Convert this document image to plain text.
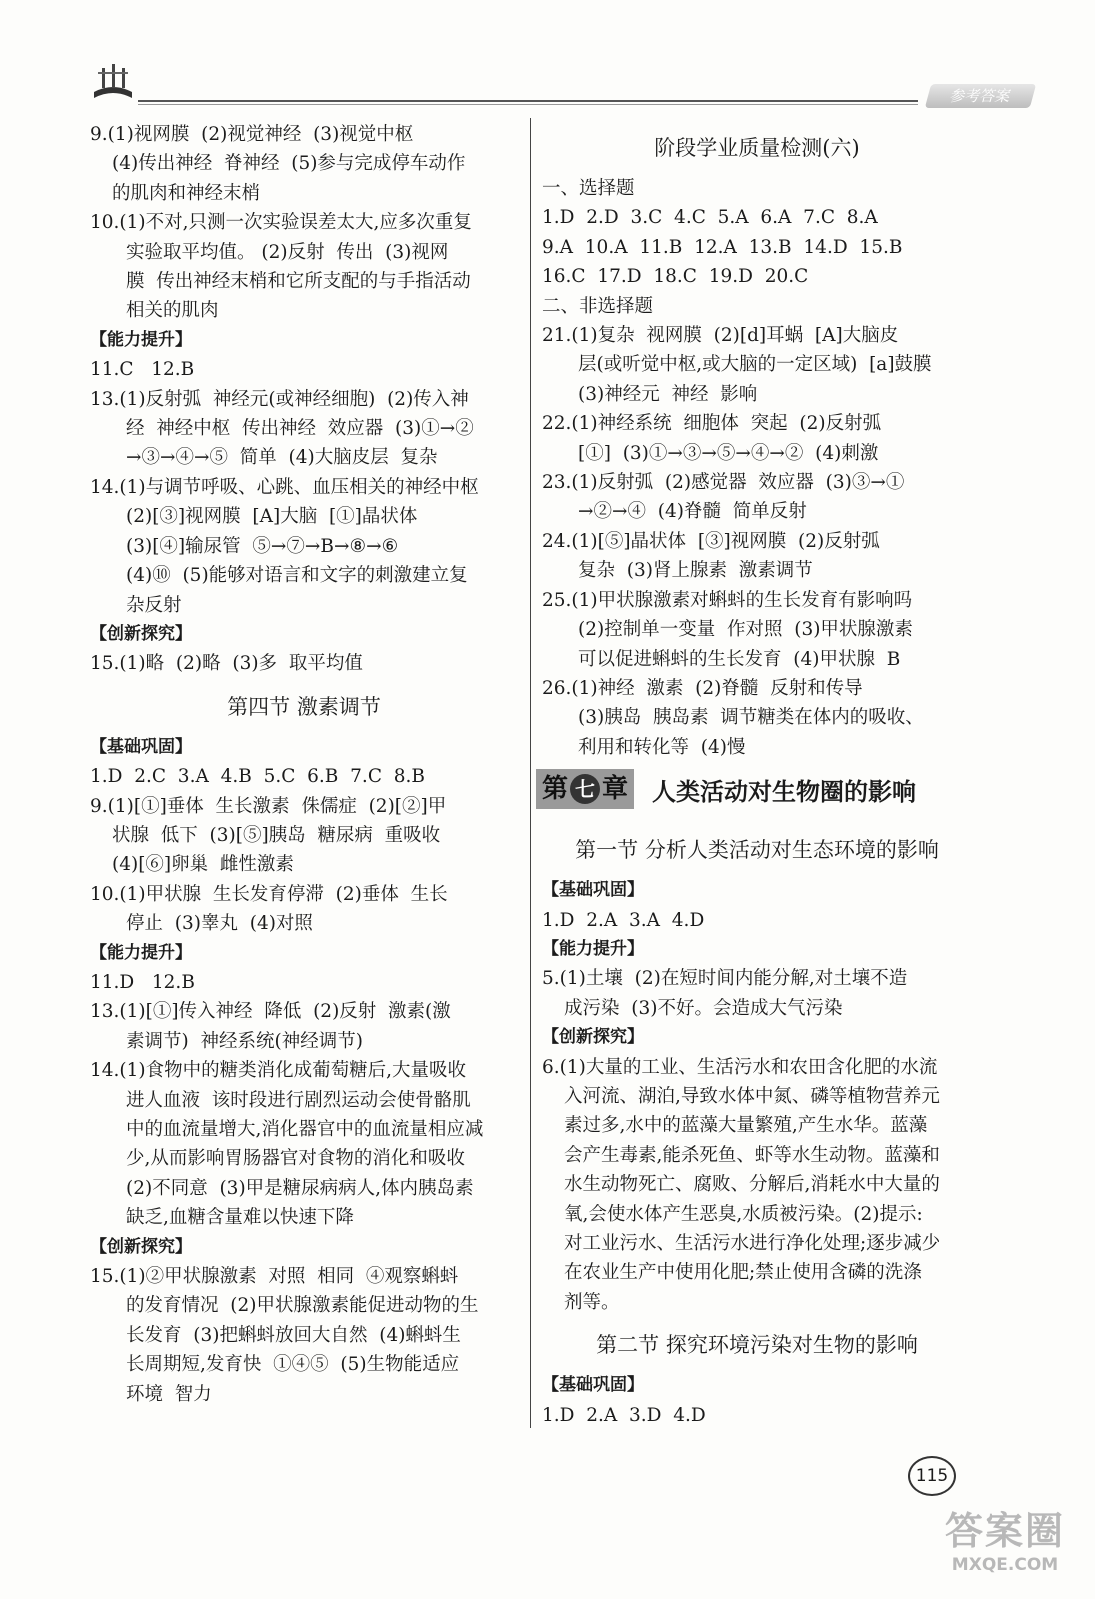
参考答案
9.(1)视网膜  (2)视觉神经  (3)视觉中枢
(4)传出神经  脊神经  (5)参与完成停车动作
的肌肉和神经末梢
10.(1)不对,只测一次实验误差太大,应多次重复
实验取平均值。 (2)反射  传出  (3)视网
膜  传出神经末梢和它所支配的与手指活动
相关的肌肉
【能力提升】
11.C   12.B
13.(1)反射弧  神经元(或神经细胞)  (2)传入神
经  神经中枢  传出神经  效应器  (3)①→②
→③→④→⑤  简单  (4)大脑皮层  复杂
14.(1)与调节呼吸、心跳、血压相关的神经中枢
(2)[③]视网膜  [A]大脑  [①]晶状体
(3)[④]输尿管  ⑤→⑦→B→⑧→⑥
(4)⑩  (5)能够对语言和文字的刺激建立复
杂反射
【创新探究】
15.(1)略  (2)略  (3)多  取平均值
第四节 激素调节
【基础巩固】
1.D  2.C  3.A  4.B  5.C  6.B  7.C  8.B
9.(1)[①]垂体  生长激素  侏儒症  (2)[②]甲
状腺  低下  (3)[⑤]胰岛  糖尿病  重吸收
(4)[⑥]卵巢  雌性激素
10.(1)甲状腺  生长发育停滞  (2)垂体  生长
停止  (3)睾丸  (4)对照
【能力提升】
11.D   12.B
13.(1)[①]传入神经  降低  (2)反射  激素(激
素调节)  神经系统(神经调节)
14.(1)食物中的糖类消化成葡萄糖后,大量吸收
进人血液  该时段进行剧烈运动会使骨骼肌
中的血流量增大,消化器官中的血流量相应减
少,从而影响胃肠器官对食物的消化和吸收
(2)不同意  (3)甲是糖尿病病人,体内胰岛素
缺乏,血糖含量难以快速下降
【创新探究】
15.(1)②甲状腺激素  对照  相同  ④观察蝌蚪
的发育情况  (2)甲状腺激素能促进动物的生
长发育  (3)把蝌蚪放回大自然  (4)蝌蚪生
长周期短,发育快  ①④⑤  (5)生物能适应
环境  智力
阶段学业质量检测(六)
一、选择题
1.D  2.D  3.C  4.C  5.A  6.A  7.C  8.A
9.A  10.A  11.B  12.A  13.B  14.D  15.B
16.C  17.D  18.C  19.D  20.C
二、非选择题
21.(1)复杂  视网膜  (2)[d]耳蜗  [A]大脑皮
层(或听觉中枢,或大脑的一定区域)  [a]鼓膜
(3)神经元  神经  影响
22.(1)神经系统  细胞体  突起  (2)反射弧
[①]  (3)①→③→⑤→④→②  (4)刺激
23.(1)反射弧  (2)感觉器  效应器  (3)③→①
→②→④  (4)脊髓  简单反射
24.(1)[⑤]晶状体  [③]视网膜  (2)反射弧
复杂  (3)肾上腺素  激素调节
25.(1)甲状腺激素对蝌蚪的生长发育有影响吗
(2)控制单一变量  作对照  (3)甲状腺激素
可以促进蝌蚪的生长发育  (4)甲状腺  B
26.(1)神经  激素  (2)脊髓  反射和传导
(3)胰岛  胰岛素  调节糖类在体内的吸收、
利用和转化等  (4)慢
第 七 章 人类活动对生物圈的影响
第一节 分析人类活动对生态环境的影响
【基础巩固】
1.D  2.A  3.A  4.D
【能力提升】
5.(1)土壤  (2)在短时间内能分解,对土壤不造
成污染  (3)不好。会造成大气污染
【创新探究】
6.(1)大量的工业、生活污水和农田含化肥的水流
入河流、湖泊,导致水体中氮、磷等植物营养元
素过多,水中的蓝藻大量繁殖,产生水华。蓝藻
会产生毒素,能杀死鱼、虾等水生动物。蓝藻和
水生动物死亡、腐败、分解后,消耗水中大量的
氧,会使水体产生恶臭,水质被污染。(2)提示:
对工业污水、生活污水进行净化处理;逐步减少
在农业生产中使用化肥;禁止使用含磷的洗涤
剂等。
第二节 探究环境污染对生物的影响
【基础巩固】
1.D  2.A  3.D  4.D
115
答案圈
MXQE.COM
